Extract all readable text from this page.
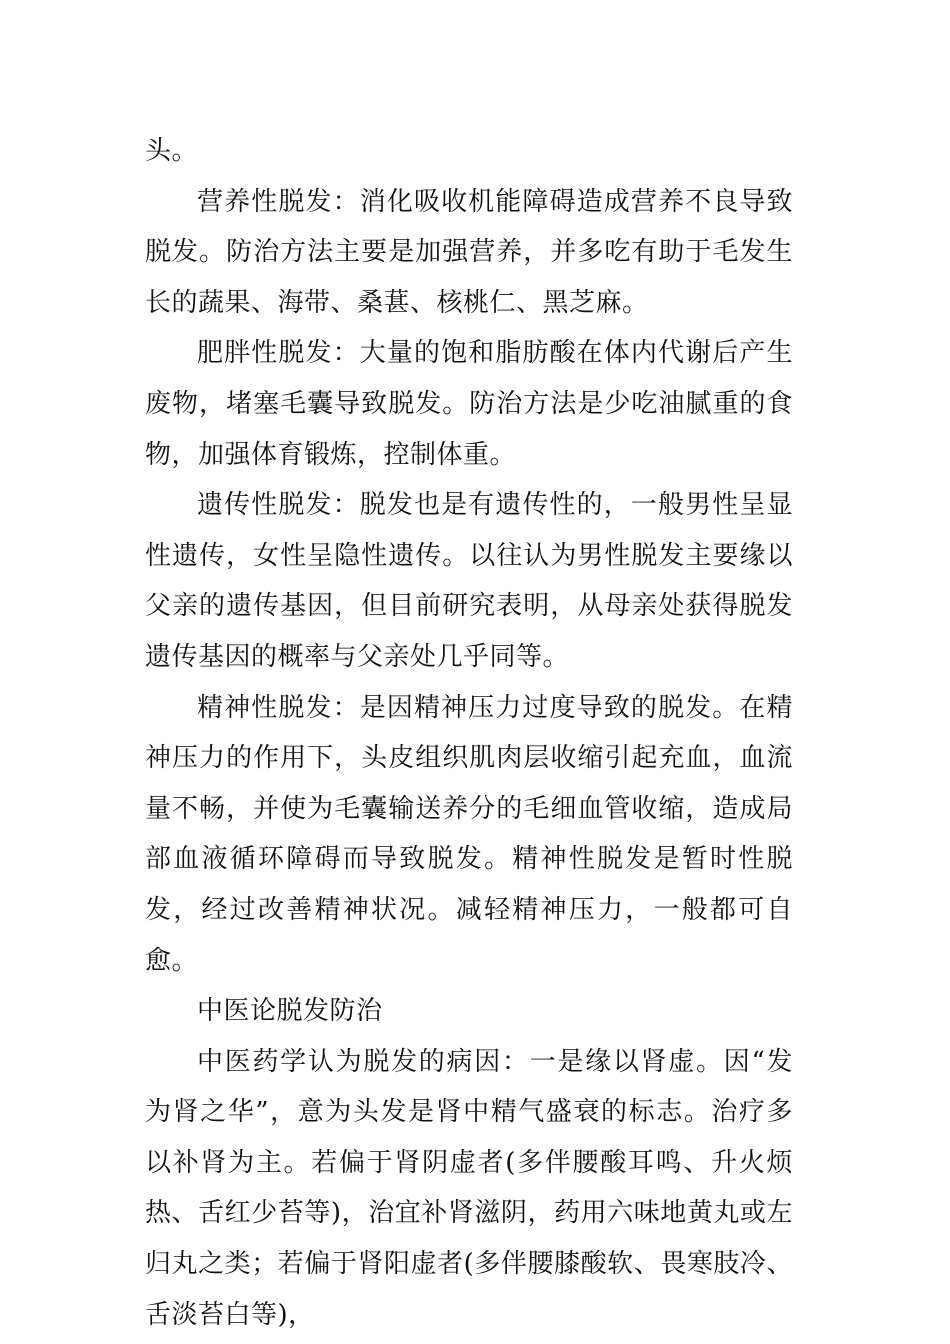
头。

营养性脱发：消化吸收机能障碍造成营养不良导致脱发。防治方法主要是加强营养，并多吃有助于毛发生长的蔬果、海带、桑葚、核桃仁、黑芝麻。

肥胖性脱发：大量的饱和脂肪酸在体内代谢后产生废物，堵塞毛囊导致脱发。防治方法是少吃油腻重的食物，加强体育锻炼，控制体重。

遗传性脱发：脱发也是有遗传性的，一般男性呈显性遗传，女性呈隐性遗传。以往认为男性脱发主要缘以父亲的遗传基因，但目前研究表明，从母亲处获得脱发遗传基因的概率与父亲处几乎同等。

精神性脱发：是因精神压力过度导致的脱发。在精神压力的作用下，头皮组织肌肉层收缩引起充血，血流量不畅，并使为毛囊输送养分的毛细血管收缩，造成局部血液循环障碍而导致脱发。精神性脱发是暂时性脱发，经过改善精神状况。减轻精神压力，一般都可自愈。

中医论脱发防治

中医药学认为脱发的病因：一是缘以肾虚。因“发为肾之华”，意为头发是肾中精气盛衰的标志。治疗多以补肾为主。若偏于肾阴虚者(多伴腰酸耳鸣、升火烦热、舌红少苔等)，治宜补肾滋阴，药用六味地黄丸或左归丸之类；若偏于肾阳虚者(多伴腰膝酸软、畏寒肢冷、舌淡苔白等)，
